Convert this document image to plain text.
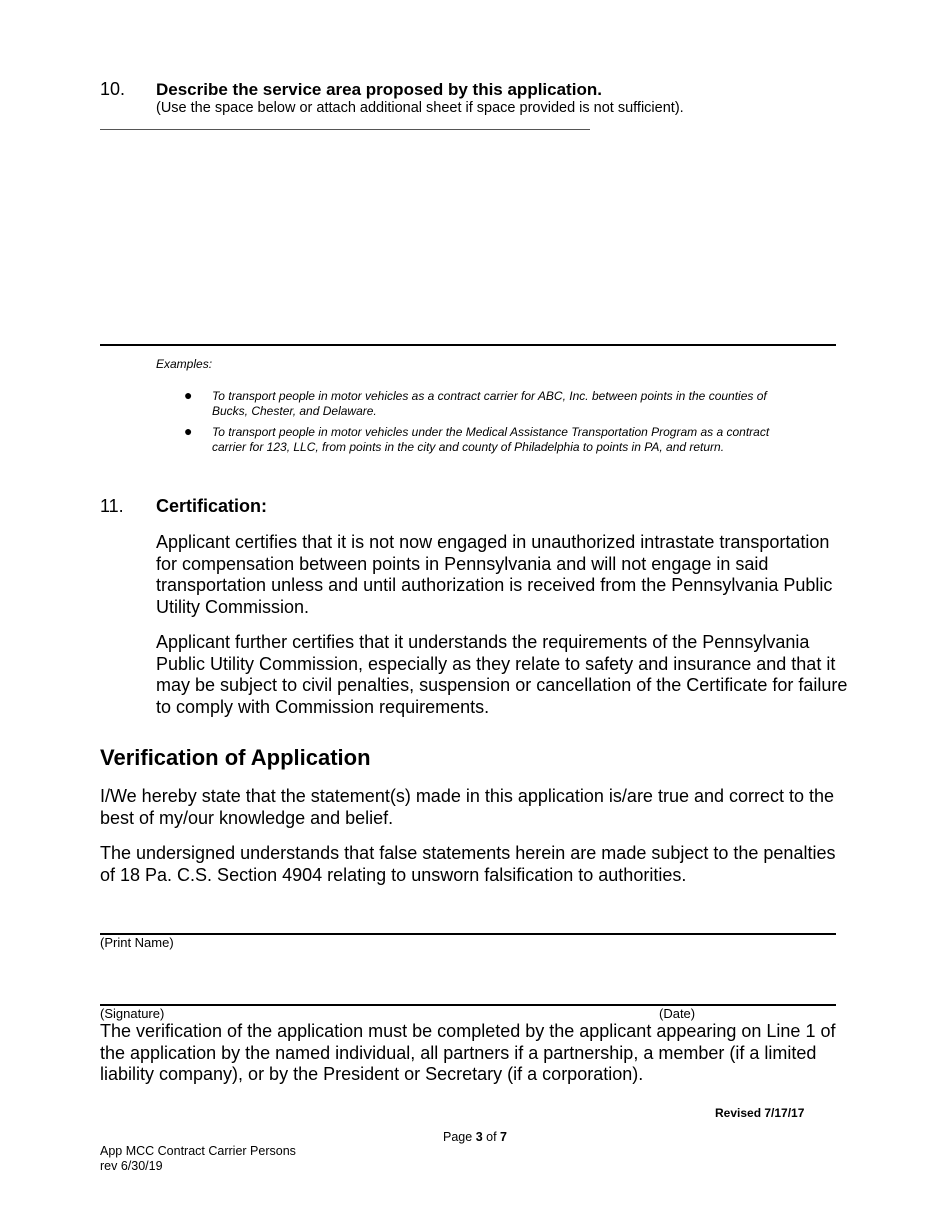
10. Describe the service area proposed by this application.
(Use the space below or attach additional sheet if space provided is not sufficient).
Examples:
● To transport people in motor vehicles as a contract carrier for ABC, Inc. between points in the counties of Bucks, Chester, and Delaware.
● To transport people in motor vehicles under the Medical Assistance Transportation Program as a contract carrier for 123, LLC, from points in the city and county of Philadelphia to points in PA, and return.
11. Certification:
Applicant certifies that it is not now engaged in unauthorized intrastate transportation for compensation between points in Pennsylvania and will not engage in said transportation unless and until authorization is received from the Pennsylvania Public Utility Commission.
Applicant further certifies that it understands the requirements of the Pennsylvania Public Utility Commission, especially as they relate to safety and insurance and that it may be subject to civil penalties, suspension or cancellation of the Certificate for failure to comply with Commission requirements.
Verification of Application
I/We hereby state that the statement(s) made in this application is/are true and correct to the best of my/our knowledge and belief.
The undersigned understands that false statements herein are made subject to the penalties of 18 Pa. C.S. Section 4904 relating to unsworn falsification to authorities.
(Print Name)
(Signature)	(Date)
The verification of the application must be completed by the applicant appearing on Line 1 of the application by the named individual, all partners if a partnership, a member (if a limited liability company), or by the President or Secretary (if a corporation).
Revised 7/17/17
Page 3 of 7
App MCC Contract Carrier Persons
rev 6/30/19
